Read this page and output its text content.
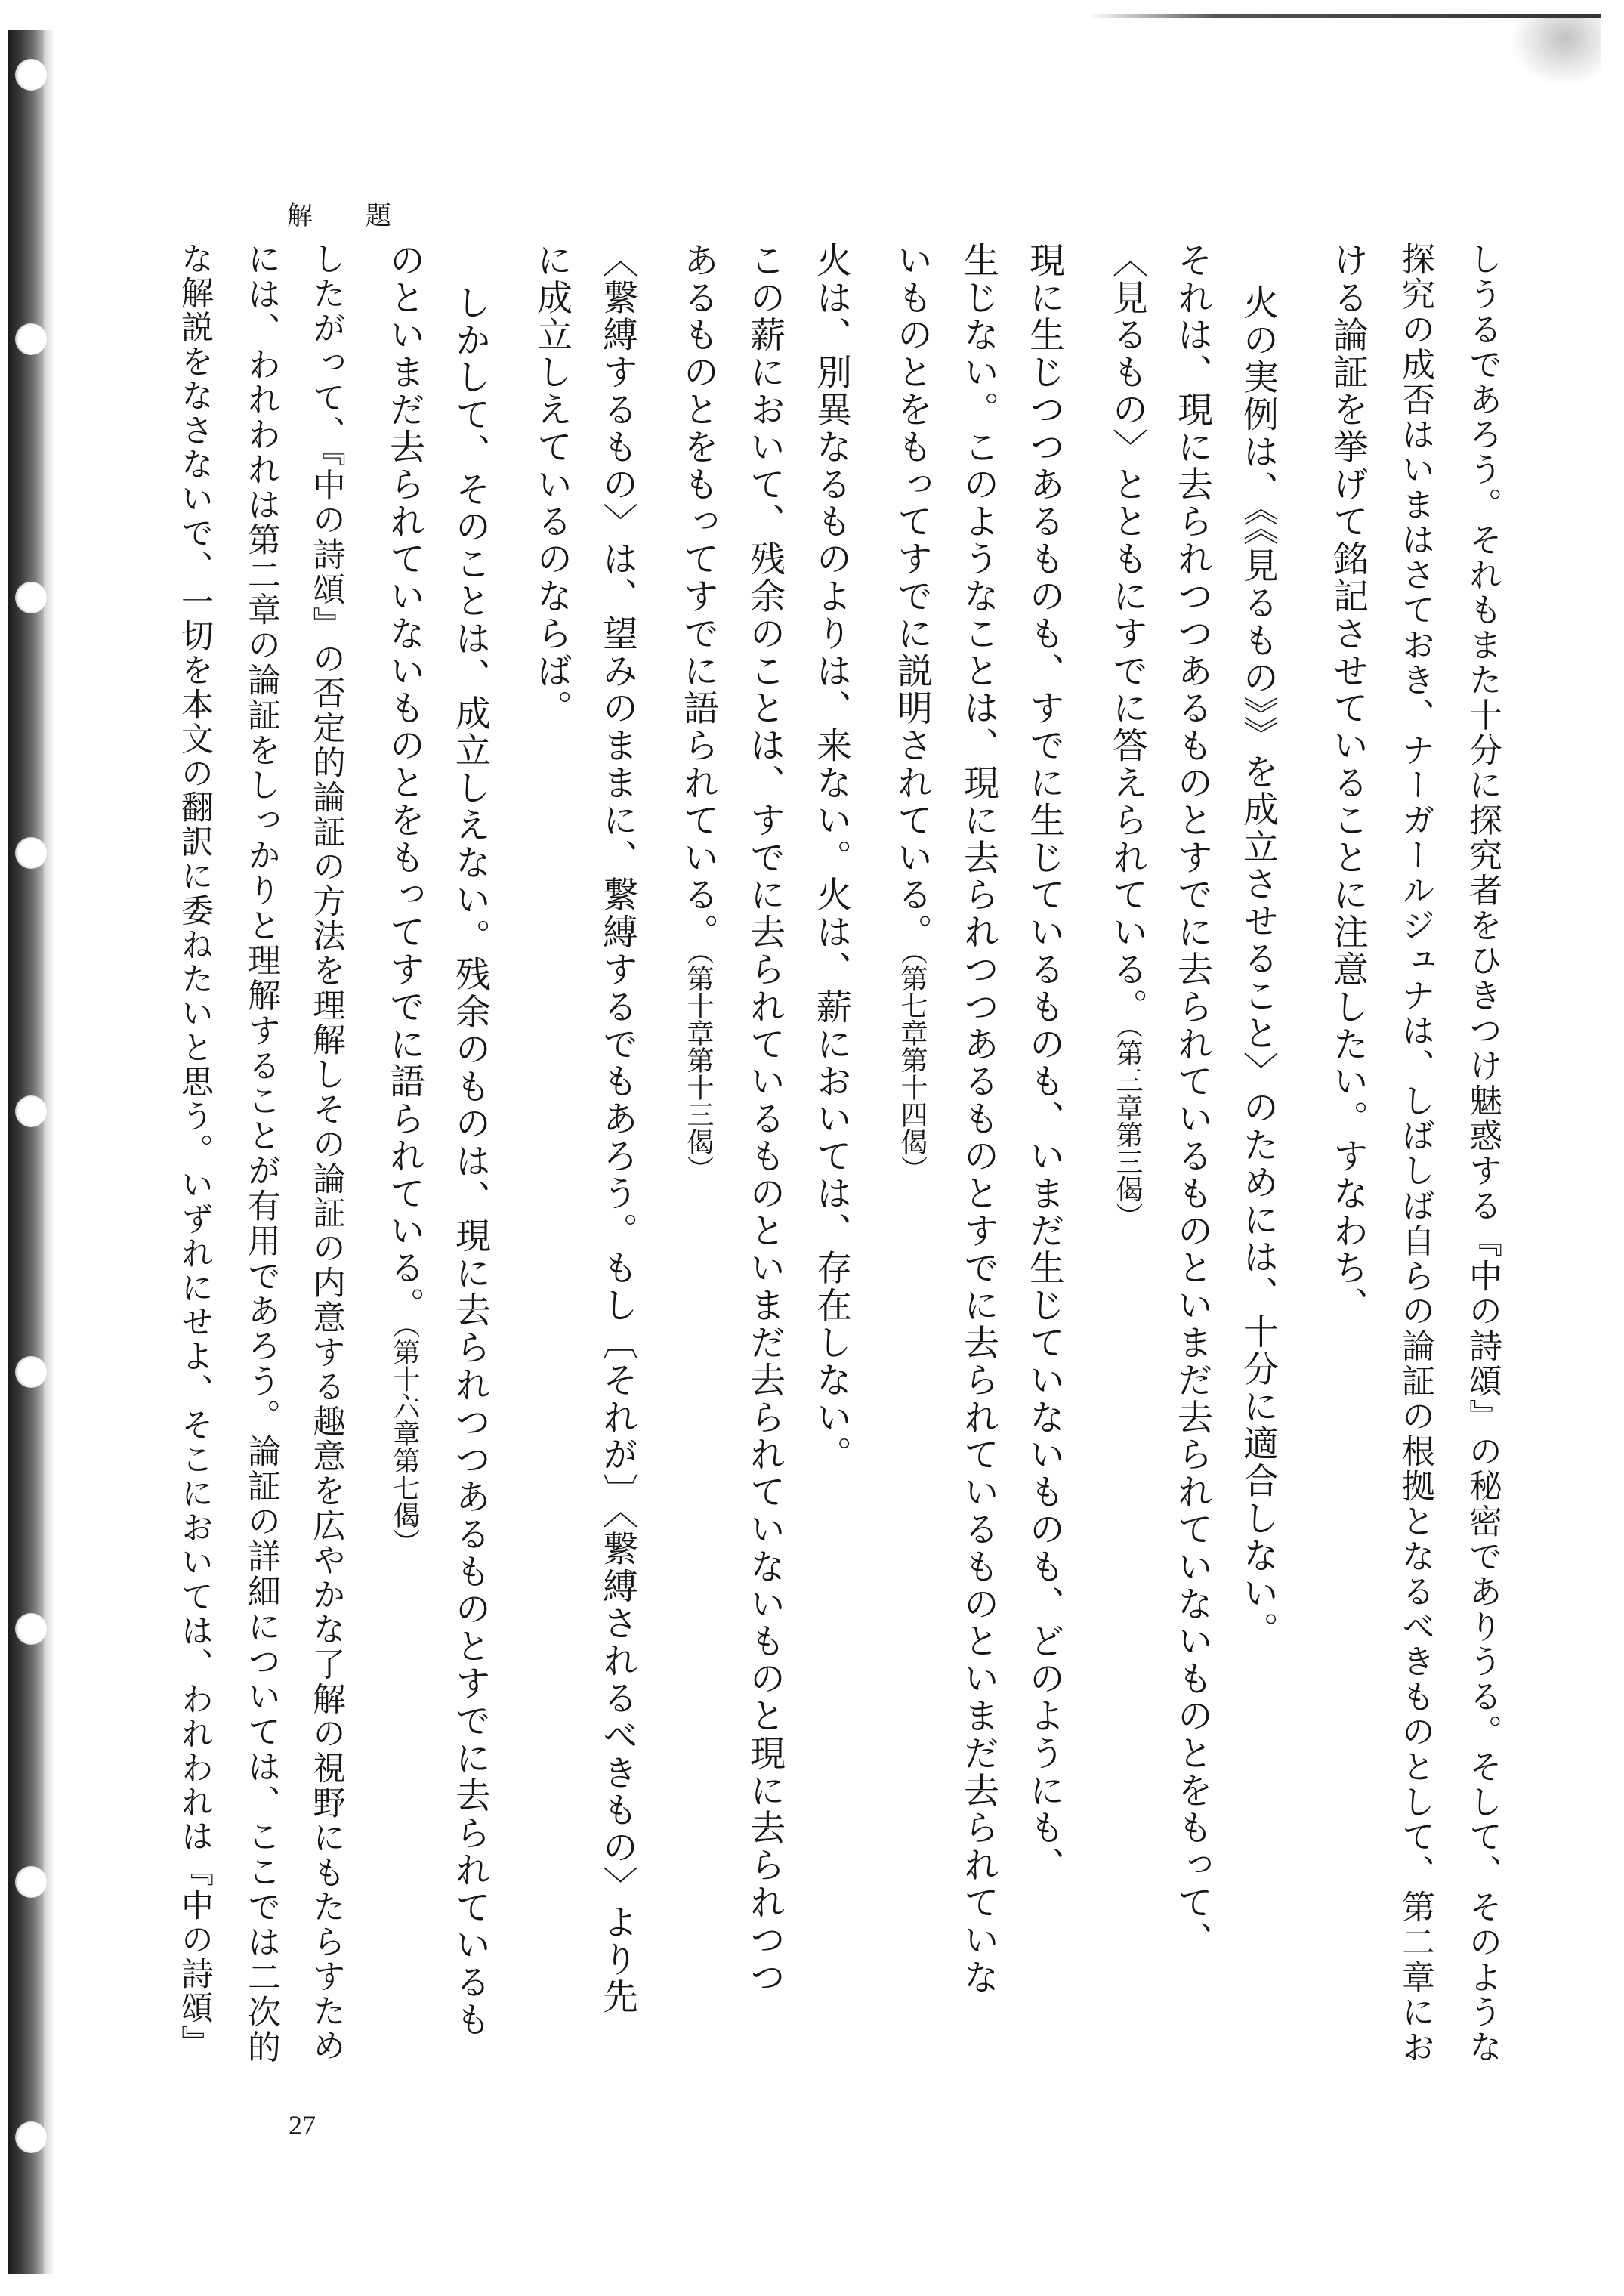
解題
しうるであろう。それもまた十分に探究者をひきつけ魅惑する『中の詩頌』の秘密でありうる。そして、そのような
探究の成否はいまはさておき、ナーガールジュナは、しばしば自らの論証の根拠となるべきものとして、第二章にお
ける論証を挙げて銘記させていることに注意したい。すなわち、
火の実例は、《《見るもの》》を成立させること〉のためには、十分に適合しない。
それは、現に去られつつあるものとすでに去られているものといまだ去られていないものとをもって、
〈見るもの〉とともにすでに答えられている。（第三章第三偈）
現に生じつつあるものも、すでに生じているものも、いまだ生じていないものも、どのようにも、
生じない。このようなことは、現に去られつつあるものとすでに去られているものといまだ去られていな
いものとをもってすでに説明されている。（第七章第十四偈）
火は、別異なるものよりは、来ない。火は、薪においては、存在しない。
この薪において、残余のことは、すでに去られているものといまだ去られていないものと現に去られつつ
あるものとをもってすでに語られている。（第十章第十三偈）
〈繋縛するもの〉は、望みのままに、繋縛するでもあろう。もし〔それが〕〈繋縛されるべきもの〉より先
に成立しえているのならば。
しかして、そのことは、成立しえない。残余のものは、現に去られつつあるものとすでに去られているも
のといまだ去られていないものとをもってすでに語られている。（第十六章第七偈）
したがって、『中の詩頌』の否定的論証の方法を理解しその論証の内意する趣意を広やかな了解の視野にもたらすため
には、われわれは第二章の論証をしっかりと理解することが有用であろう。論証の詳細については、ここでは二次的
な解説をなさないで、一切を本文の翻訳に委ねたいと思う。いずれにせよ、そこにおいては、われわれは『中の詩頌』
27
